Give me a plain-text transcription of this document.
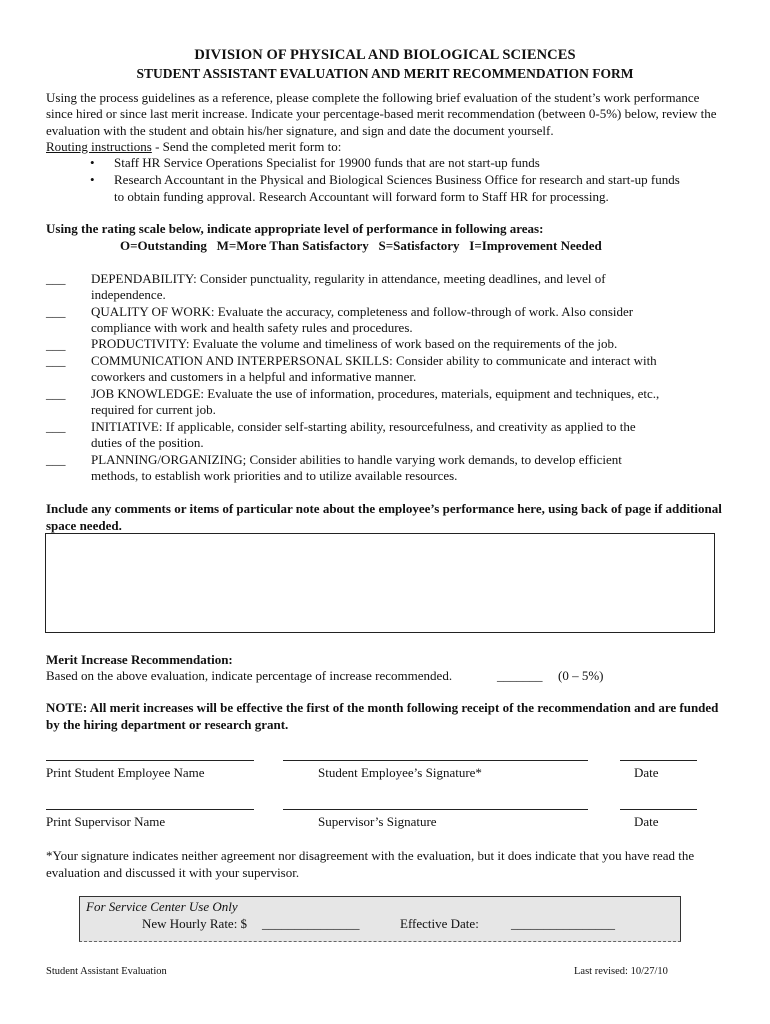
DIVISION OF PHYSICAL AND BIOLOGICAL SCIENCES
STUDENT ASSISTANT EVALUATION AND MERIT RECOMMENDATION FORM
Using the process guidelines as a reference, please complete the following brief evaluation of the student’s work performance since hired or since last merit increase. Indicate your percentage-based merit recommendation (between 0-5%) below, review the evaluation with the student and obtain his/her signature, and sign and date the document yourself.
Routing instructions - Send the completed merit form to:
• Staff HR Service Operations Specialist for 19900 funds that are not start-up funds
• Research Accountant in the Physical and Biological Sciences Business Office for research and start-up funds
to obtain funding approval. Research Accountant will forward form to Staff HR for processing.
Using the rating scale below, indicate appropriate level of performance in following areas:
O=Outstanding   M=More Than Satisfactory   S=Satisfactory   I=Improvement Needed
___ DEPENDABILITY: Consider punctuality, regularity in attendance, meeting deadlines, and level of
independence.
___ QUALITY OF WORK: Evaluate the accuracy, completeness and follow-through of work. Also consider
compliance with work and health safety rules and procedures.
___ PRODUCTIVITY: Evaluate the volume and timeliness of work based on the requirements of the job.
___ COMMUNICATION AND INTERPERSONAL SKILLS: Consider ability to communicate and interact with
coworkers and customers in a helpful and informative manner.
___ JOB KNOWLEDGE: Evaluate the use of information, procedures, materials, equipment and techniques, etc.,
required for current job.
___ INITIATIVE: If applicable, consider self-starting ability, resourcefulness, and creativity as applied to the
duties of the position.
___ PLANNING/ORGANIZING; Consider abilities to handle varying work demands, to develop efficient
methods, to establish work priorities and to utilize available resources.
Include any comments or items of particular note about the employee’s performance here, using back of page if additional space needed.
Merit Increase Recommendation:
Based on the above evaluation, indicate percentage of increase recommended.	_______ (0 – 5%)
NOTE: All merit increases will be effective the first of the month following receipt of the recommendation and are funded by the hiring department or research grant.
Print Student Employee Name	Student Employee’s Signature*	Date
Print Supervisor Name	Supervisor’s Signature	Date
*Your signature indicates neither agreement nor disagreement with the evaluation, but it does indicate that you have read the evaluation and discussed it with your supervisor.
For Service Center Use Only
New Hourly Rate: $ _______________	Effective Date: ________________
Student Assistant Evaluation	Last revised: 10/27/10
